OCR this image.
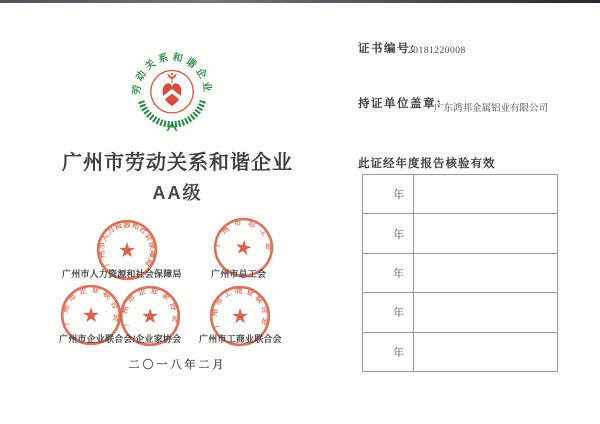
劳动关系和谐企业
广州市劳动关系和谐企业
AA级
广州市人力资源和社会保障局
★	广州市总工会
★
广州市企业联合会
★ 广州市企业家协会
★	广州市工商业联合会
★
广州市人力资源和社会保障局	广州市总工会
广州市企业联合会/企业家协会 广州市工商业联合会
二〇一八年二月
证书编号：
20181220008
持证单位盖章：
广东鸿邦金属铝业有限公司
此证经年度报告核验有效
年
年
年
年
年
